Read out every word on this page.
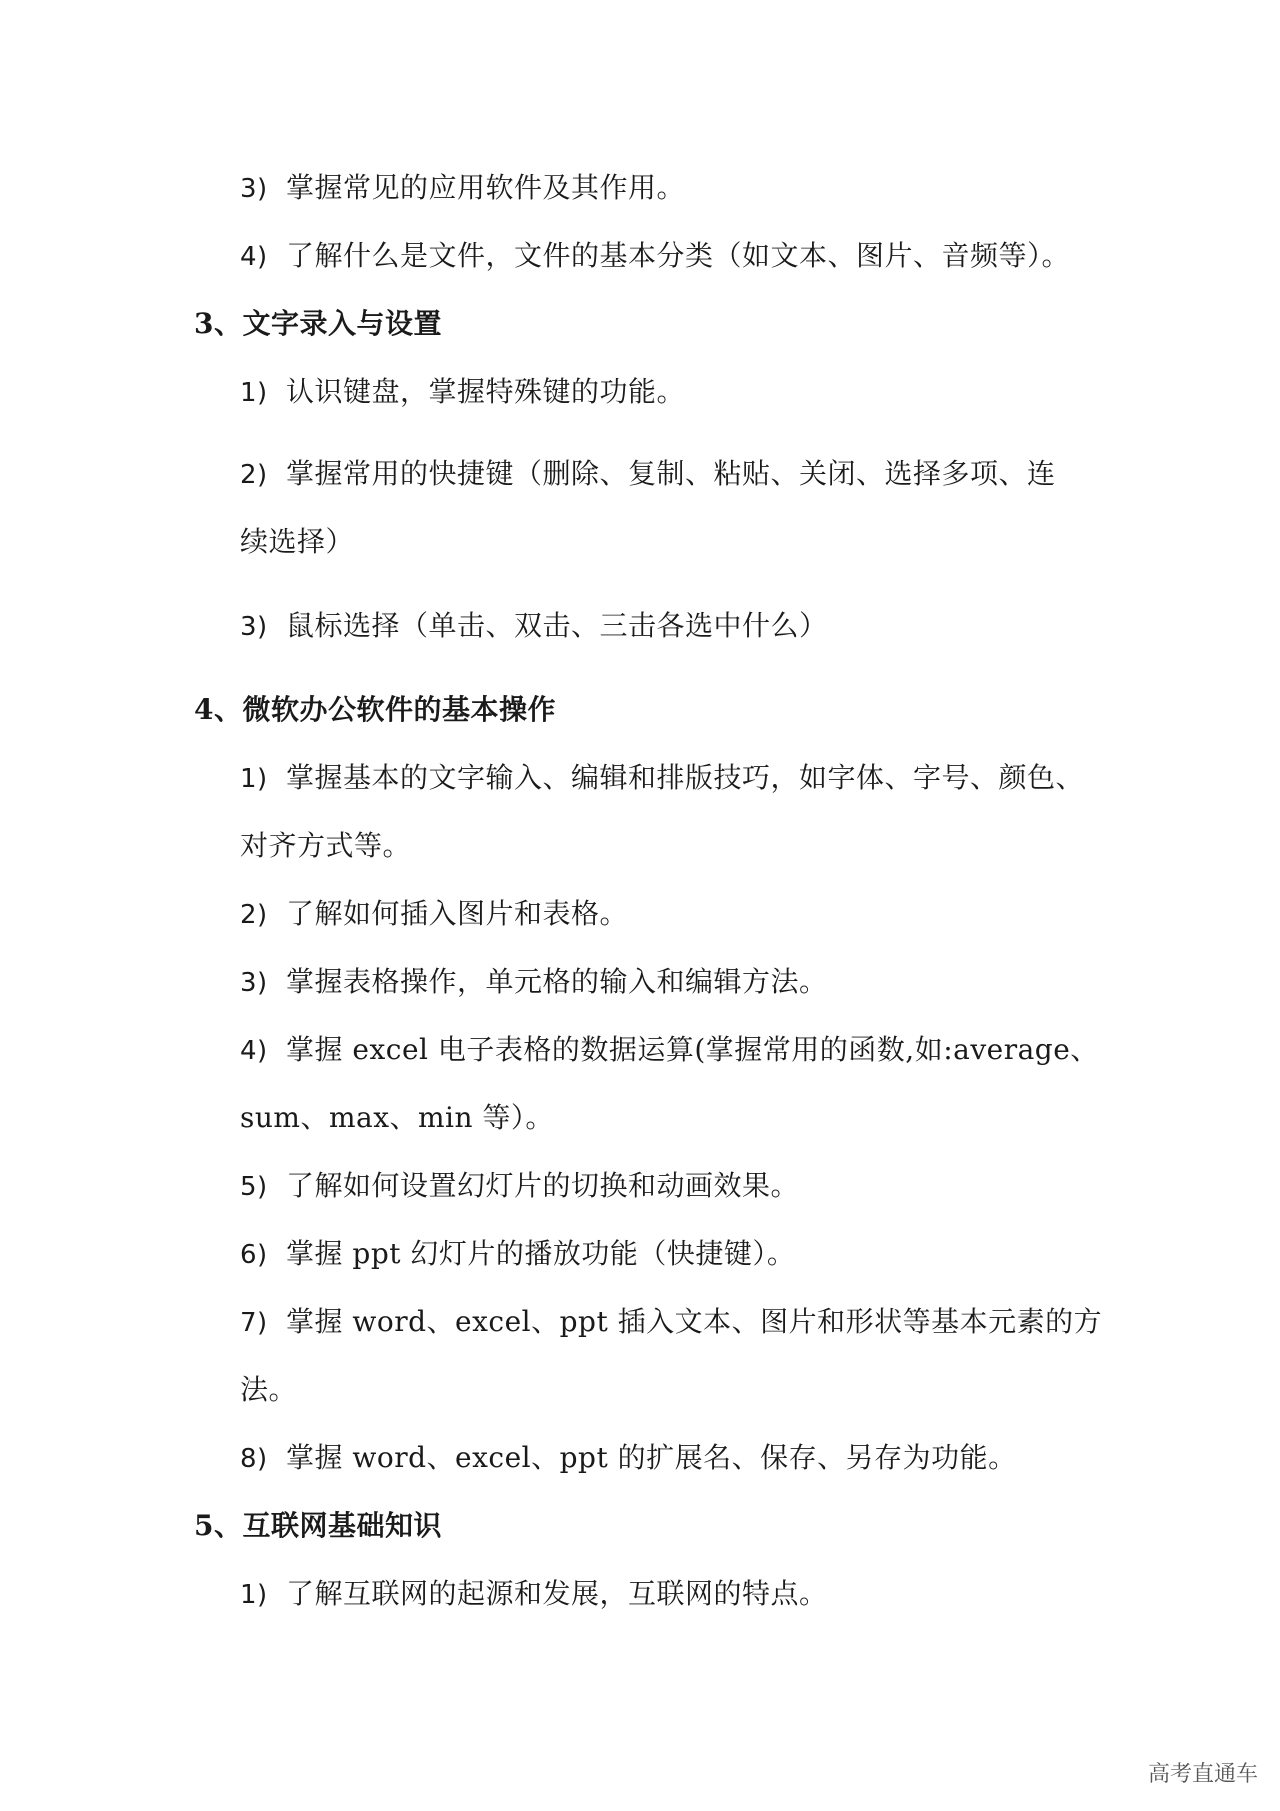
3) 掌握常见的应用软件及其作用。
4) 了解什么是文件，文件的基本分类（如文本、图片、音频等）。
3、文字录入与设置
1) 认识键盘，掌握特殊键的功能。
2) 掌握常用的快捷键（删除、复制、粘贴、关闭、选择多项、连
续选择）
3) 鼠标选择（单击、双击、三击各选中什么）
4、微软办公软件的基本操作
1) 掌握基本的文字输入、编辑和排版技巧，如字体、字号、颜色、
对齐方式等。
2) 了解如何插入图片和表格。
3) 掌握表格操作，单元格的输入和编辑方法。
4) 掌握 excel 电子表格的数据运算(掌握常用的函数,如:average、
sum、max、min 等）。
5) 了解如何设置幻灯片的切换和动画效果。
6) 掌握 ppt 幻灯片的播放功能（快捷键）。
7) 掌握 word、excel、ppt 插入文本、图片和形状等基本元素的方
法。
8) 掌握 word、excel、ppt 的扩展名、保存、另存为功能。
5、互联网基础知识
1) 了解互联网的起源和发展，互联网的特点。
高考直通车
